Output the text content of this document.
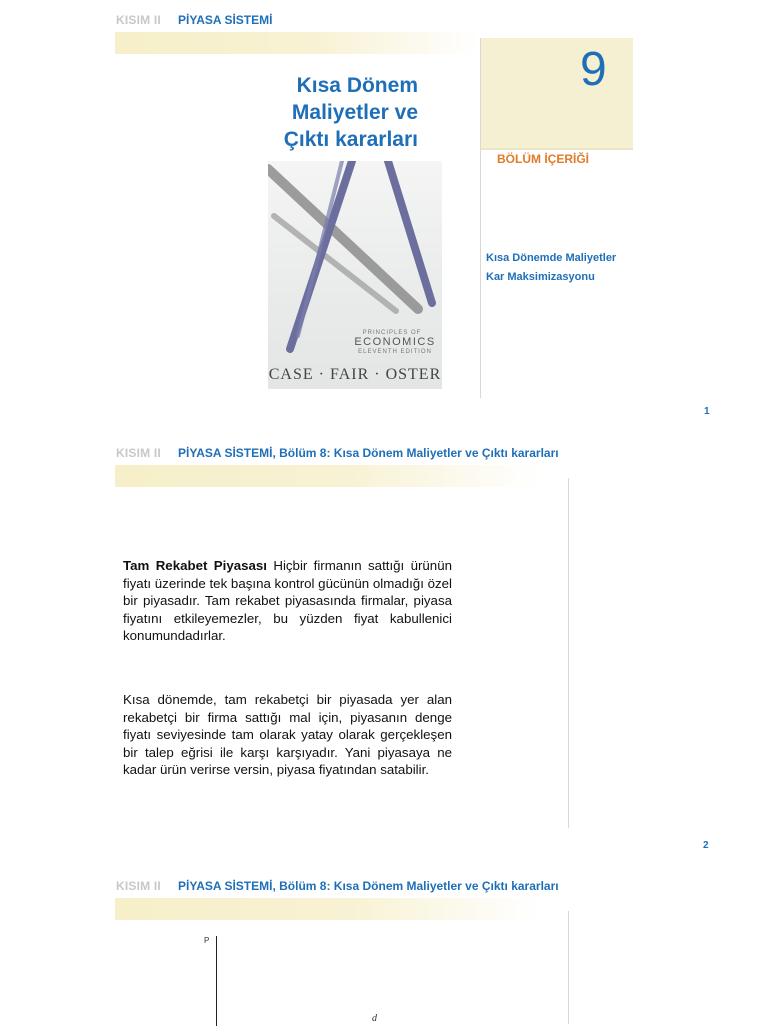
KISIM II PİYASA SİSTEMİ
Kısa Dönem
Maliyetler ve
Çıktı kararları
PRINCIPLES OF
ECONOMICS
ELEVENTH EDITION
CASE · FAIR · OSTER
9
BÖLÜM İÇERİĞİ
Kısa Dönemde Maliyetler
Kar Maksimizasyonu
1
KISIM II PİYASA SİSTEMİ, Bölüm 8: Kısa Dönem Maliyetler ve Çıktı kararları
Tam Rekabet Piyasası Hiçbir firmanın sattığı ürünün fiyatı üzerinde tek başına kontrol gücünün olmadığı özel bir piyasadır. Tam rekabet piyasasında firmalar, piyasa fiyatını etkileyemezler, bu yüzden fiyat kabullenici konumundadırlar.
Kısa dönemde, tam rekabetçi bir piyasada yer alan rekabetçi bir firma sattığı mal için, piyasanın denge fiyatı seviyesinde tam olarak yatay olarak gerçekleşen bir talep eğrisi ile karşı karşıyadır. Yani piyasaya ne kadar ürün verirse versin, piyasa fiyatından satabilir.
2
KISIM II PİYASA SİSTEMİ, Bölüm 8: Kısa Dönem Maliyetler ve Çıktı kararları
P
d
